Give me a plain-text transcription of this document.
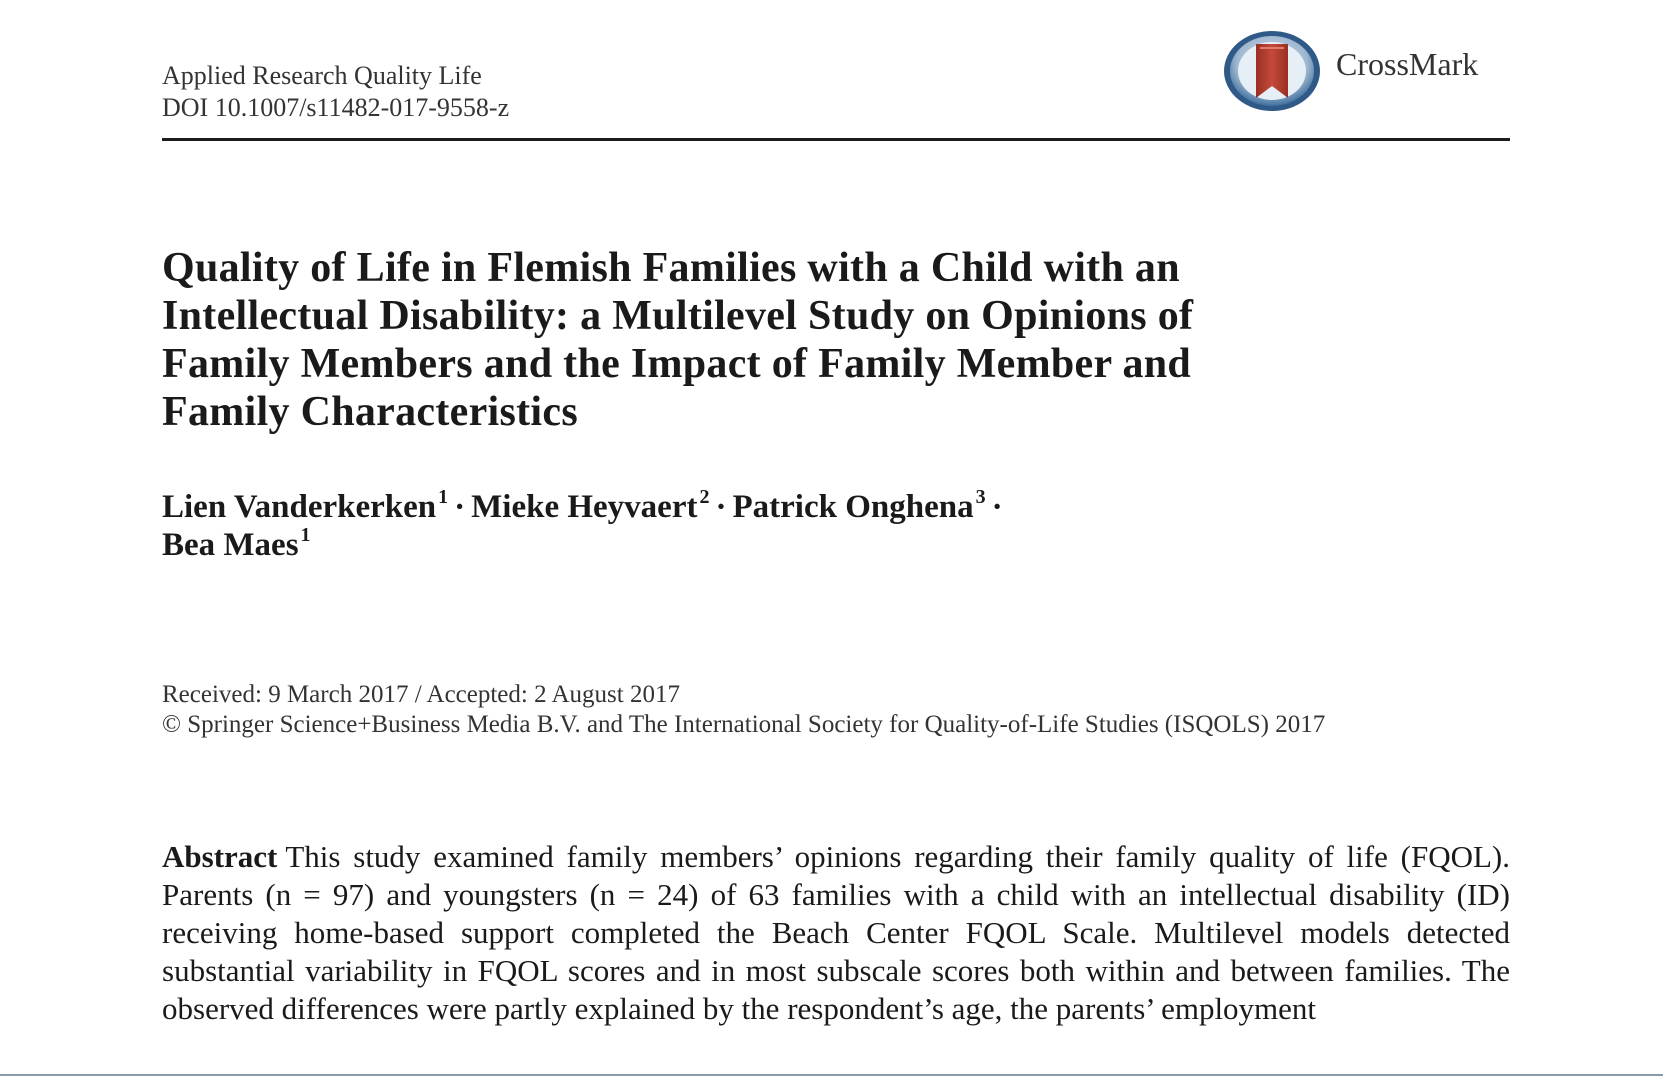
Applied Research Quality Life
DOI 10.1007/s11482-017-9558-z
CrossMark
Quality of Life in Flemish Families with a Child with an Intellectual Disability: a Multilevel Study on Opinions of Family Members and the Impact of Family Member and Family Characteristics
Lien Vanderkerken $^1$ · Mieke Heyvaert $^2$ · Patrick Onghena $^3$ ·
Bea Maes $^1$
Received: 9 March 2017 / Accepted: 2 August 2017
© Springer Science+Business Media B.V. and The International Society for Quality-of-Life Studies (ISQOLS) 2017

Abstract This study examined family members’ opinions regarding their family quality of life (FQOL). Parents (n = 97) and youngsters (n = 24) of 63 families with a child with an intellectual disability (ID) receiving home-based support completed the Beach Center FQOL Scale. Multilevel models detected substantial variability in FQOL scores and in most subscale scores both within and between families. The observed differences were partly explained by the respondent’s age, the parents’ employment
